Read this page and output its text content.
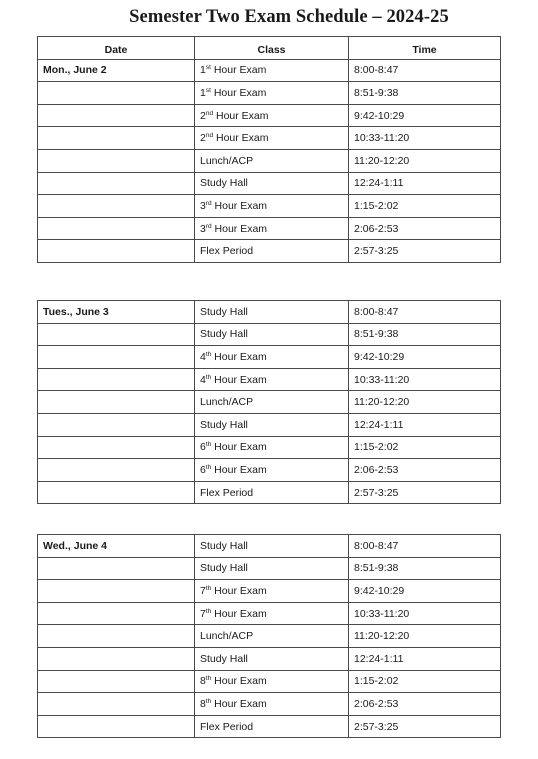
Semester Two Exam Schedule – 2024-25
Date	Class	Time
Mon., June 2	1st Hour Exam	8:00-8:47
	1st Hour Exam	8:51-9:38
	2nd Hour Exam	9:42-10:29
	2nd Hour Exam	10:33-11:20
	Lunch/ACP	11:20-12:20
	Study Hall	12:24-1:11
	3rd Hour Exam	1:15-2:02
	3rd Hour Exam	2:06-2:53
	Flex Period	2:57-3:25
Tues., June 3	Study Hall	8:00-8:47
	Study Hall	8:51-9:38
	4th Hour Exam	9:42-10:29
	4th Hour Exam	10:33-11:20
	Lunch/ACP	11:20-12:20
	Study Hall	12:24-1:11
	6th Hour Exam	1:15-2:02
	6th Hour Exam	2:06-2:53
	Flex Period	2:57-3:25
Wed., June 4	Study Hall	8:00-8:47
	Study Hall	8:51-9:38
	7th Hour Exam	9:42-10:29
	7th Hour Exam	10:33-11:20
	Lunch/ACP	11:20-12:20
	Study Hall	12:24-1:11
	8th Hour Exam	1:15-2:02
	8th Hour Exam	2:06-2:53
	Flex Period	2:57-3:25
